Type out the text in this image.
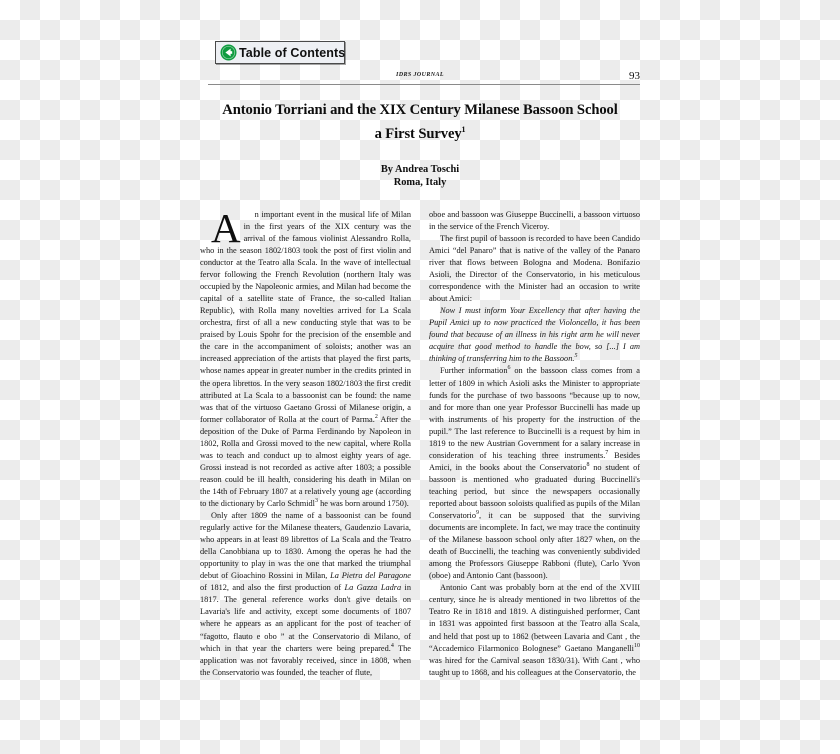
Table of Contents
IDRS JOURNAL	93
Antonio Torriani and the XIX Century Milanese Bassoon School
a First Survey$^1$
By Andrea Toschi
Roma, Italy

A	n important event in the musical life of Milan in the first years of the XIX century was the arrival of the famous violinist Alessandro Rolla, who in the season 1802/1803 took the post of first violin and conductor at the Teatro alla Scala. In the wave of intellectual fervor following the French Revolution (northern Italy was occupied by the Napoleonic armies, and Milan had become the capital of a satellite state of France, the so-called Italian Republic), with Rolla many novelties arrived for La Scala orchestra, first of all a new conducting style that was to be praised by Louis Spohr for the precision of the ensemble and the care in the accompaniment of soloists; another was an increased appreciation of the artists that played the first parts, whose names appear in greater number in the credits printed in the opera librettos. In the very season 1802/1803 the first credit attributed at La Scala to a bassoonist can be found: the name was that of the virtuoso Gaetano Grossi of Milanese origin, a former collaborator of Rolla at the court of Parma.$^2$ After the deposition of the Duke of Parma Ferdinando by Napoleon in 1802, Rolla and Grossi moved to the new capital, where Rolla was to teach and conduct up to almost eighty years of age. Grossi instead is not recorded as active after 1803; a possible reason could be ill health, considering his death in Milan on the 14th of February 1807 at a relatively young age (according to the dictionary by Carlo Schmidl$^3$ he was born around 1750).

Only after 1809 the name of a bassoonist can be found regularly active for the Milanese theaters, Gaudenzio Lavaria, who appears in at least 89 librettos of La Scala and the Teatro della Canobbiana up to 1830. Among the operas he had the opportunity to play in was the one that marked the triumphal debut of Gioachino Rossini in Milan, La Pietra del Paragone of 1812, and also the first production of La Gazza Ladra in 1817. The general reference works don't give details on Lavaria's life and activity, except some documents of 1807 where he appears as an applicant for the post of teacher of “fagotto, flauto e obo ” at the Conservatorio di Milano, of which in that year the charters were being prepared.$^4$ The application was not favorably received, since in 1808, when the Conservatorio was founded, the teacher of flute,

oboe and bassoon was Giuseppe Buccinelli, a bassoon virtuoso in the service of the French Viceroy.

The first pupil of bassoon is recorded to have been Candido Amici “del Panaro” that is native of the valley of the Panaro river that flows between Bologna and Modena. Bonifazio Asioli, the Director of the Conservatorio, in his meticulous correspondence with the Minister had an occasion to write about Amici:

Now I must inform Your Excellency that after having the Pupil Amici up to now practiced the Violoncello, it has been found that because of an illness in his right arm he will never acquire that good method to handle the bow, so [...] I am thinking of transferring him to the Bassoon.$^5$

Further information$^6$ on the bassoon class comes from a letter of 1809 in which Asioli asks the Minister to appropriate funds for the purchase of two bassoons “because up to now, and for more than one year Professor Buccinelli has made up with instruments of his property for the instruction of the pupil.” The last reference to Buccinelli is a request by him in 1819 to the new Austrian Government for a salary increase in consideration of his teaching three instruments.$^7$ Besides Amici, in the books about the Conservatorio$^8$ no student of bassoon is mentioned who graduated during Buccinelli's teaching period, but since the newspapers occasionally reported about bassoon soloists qualified as pupils of the Milan Conservatorio$^9$, it can be supposed that the surviving documents are incomplete. In fact, we may trace the continuity of the Milanese bassoon school only after 1827 when, on the death of Buccinelli, the teaching was conveniently subdivided among the Professors Giuseppe Rabboni (flute), Carlo Yvon (oboe) and Antonio Cant (bassoon).

Antonio Cant was probably born at the end of the XVIII century, since he is already mentioned in two librettos of the Teatro Re in 1818 and 1819. A distinguished performer, Cant in 1831 was appointed first bassoon at the Teatro alla Scala, and held that post up to 1862 (between Lavaria and Cant , the “Accademico Filarmonico Bolognese” Gaetano Manganelli$^{10}$ was hired for the Carnival season 1830/31). With Cant , who taught up to 1868, and his colleagues at the Conservatorio, the
